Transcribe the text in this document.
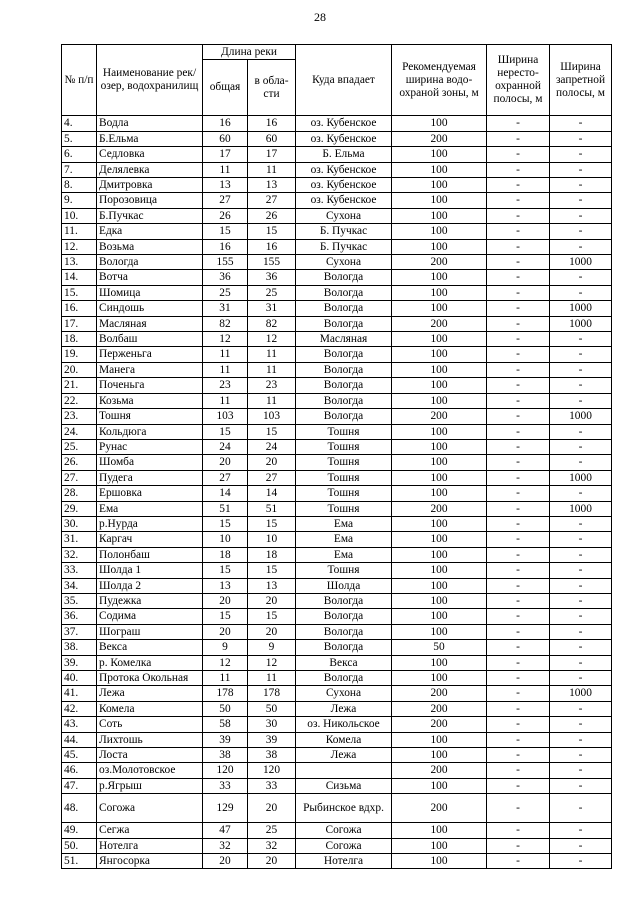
28
№ п/п	Наименование рек/озер, водохранилищ	Длина реки		Куда впадает	Рекомендуемая ширина водо-охраной зоны, м	Ширина нересто-охранной полосы, м	Ширина запретной полосы, м
		общая	в обла-сти				
4.	Водла	16	16	оз. Кубенское	100	-	-
5.	Б.Ельма	60	60	оз. Кубенское	200	-	-
6.	Седловка	17	17	Б. Ельма	100	-	-
7.	Делялевка	11	11	оз. Кубенское	100	-	-
8.	Дмитровка	13	13	оз. Кубенское	100	-	-
9.	Порозовица	27	27	оз. Кубенское	100	-	-
10.	Б.Пучкас	26	26	Сухона	100	-	-
11.	Едка	15	15	Б. Пучкас	100	-	-
12.	Возьма	16	16	Б. Пучкас	100	-	-
13.	Вологда	155	155	Сухона	200	-	1000
14.	Вотча	36	36	Вологда	100	-	-
15.	Шомица	25	25	Вологда	100	-	-
16.	Синдошь	31	31	Вологда	100	-	1000
17.	Масляная	82	82	Вологда	200	-	1000
18.	Волбаш	12	12	Масляная	100	-	-
19.	Перженьга	11	11	Вологда	100	-	-
20.	Манега	11	11	Вологда	100	-	-
21.	Поченьга	23	23	Вологда	100	-	-
22.	Козьма	11	11	Вологда	100	-	-
23.	Тошня	103	103	Вологда	200	-	1000
24.	Кольдюга	15	15	Тошня	100	-	-
25.	Рунас	24	24	Тошня	100	-	-
26.	Шомба	20	20	Тошня	100	-	-
27.	Пудега	27	27	Тошня	100	-	1000
28.	Ершовка	14	14	Тошня	100	-	-
29.	Ема	51	51	Тошня	200	-	1000
30.	р.Нурда	15	15	Ема	100	-	-
31.	Каргач	10	10	Ема	100	-	-
32.	Полонбаш	18	18	Ема	100	-	-
33.	Шолда 1	15	15	Тошня	100	-	-
34.	Шолда 2	13	13	Шолда	100	-	-
35.	Пудежка	20	20	Вологда	100	-	-
36.	Содима	15	15	Вологда	100	-	-
37.	Шограш	20	20	Вологда	100	-	-
38.	Векса	9	9	Вологда	50	-	-
39.	р. Комелка	12	12	Векса	100	-	-
40.	Протока Окольная	11	11	Вологда	100	-	-
41.	Лежа	178	178	Сухона	200	-	1000
42.	Комела	50	50	Лежа	200	-	-
43.	Соть	58	30	оз. Никольское	200	-	-
44.	Лихтошь	39	39	Комела	100	-	-
45.	Лоста	38	38	Лежа	100	-	-
46.	оз.Молотовское	120	120		200	-	-
47.	р.Ягрыш	33	33	Сизьма	100	-	-
48.	Согожа	129	20	Рыбинское вдхр.	200	-	-
49.	Сегжа	47	25	Согожа	100	-	-
50.	Нотелга	32	32	Согожа	100	-	-
51.	Янгосорка	20	20	Нотелга	100	-	-
